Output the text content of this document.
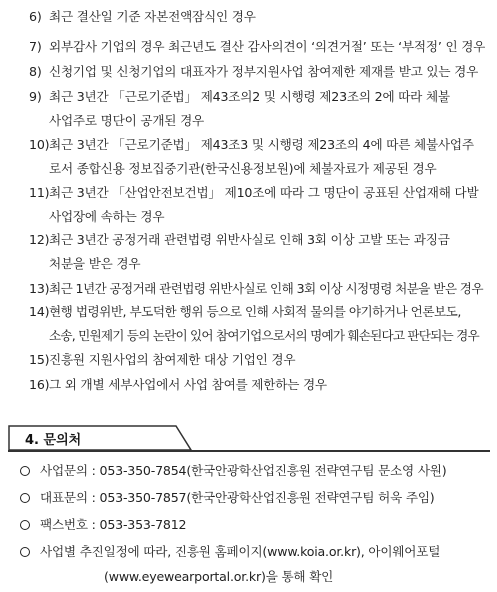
6) 최근 결산일 기준 자본전액잠식인 경우
7) 외부감사 기업의 경우 최근년도 결산 감사의견이 ‘의견거절’ 또는 ‘부적정’ 인 경우
8) 신청기업 및 신청기업의 대표자가 정부지원사업 참여제한 제재를 받고 있는 경우
9) 최근 3년간 「근로기준법」 제43조의2 및 시행령 제23조의 2에 따라 체불
사업주로 명단이 공개된 경우
10) 최근 3년간 「근로기준법」 제43조3 및 시행령 제23조의 4에 따른 체불사업주
로서 종합신용 정보집중기관(한국신용정보원)에 체불자료가 제공된 경우
11) 최근 3년간 「산업안전보건법」 제10조에 따라 그 명단이 공표된 산업재해 다발
사업장에 속하는 경우
12) 최근 3년간 공정거래 관련법령 위반사실로 인해 3회 이상 고발 또는 과징금
처분을 받은 경우
13) 최근 1년간 공정거래 관련법령 위반사실로 인해 3회 이상 시정명령 처분을 받은 경우
14) 현행 법령위반, 부도덕한 행위 등으로 인해 사회적 물의를 야기하거나 언론보도,
소송, 민원제기 등의 논란이 있어 참여기업으로서의 명예가 훼손된다고 판단되는 경우
15) 진흥원 지원사업의 참여제한 대상 기업인 경우
16) 그 외 개별 세부사업에서 사업 참여를 제한하는 경우
4. 문의처
사업문의 : 053-350-7854(한국안광학산업진흥원 전략연구팀 문소영 사원)
대표문의 : 053-350-7857(한국안광학산업진흥원 전략연구팀 허욱 주임)
팩스번호 : 053-353-7812
사업별 추진일정에 따라, 진흥원 홈페이지(www.koia.or.kr), 아이웨어포털
(www.eyewearportal.or.kr)을 통해 확인
